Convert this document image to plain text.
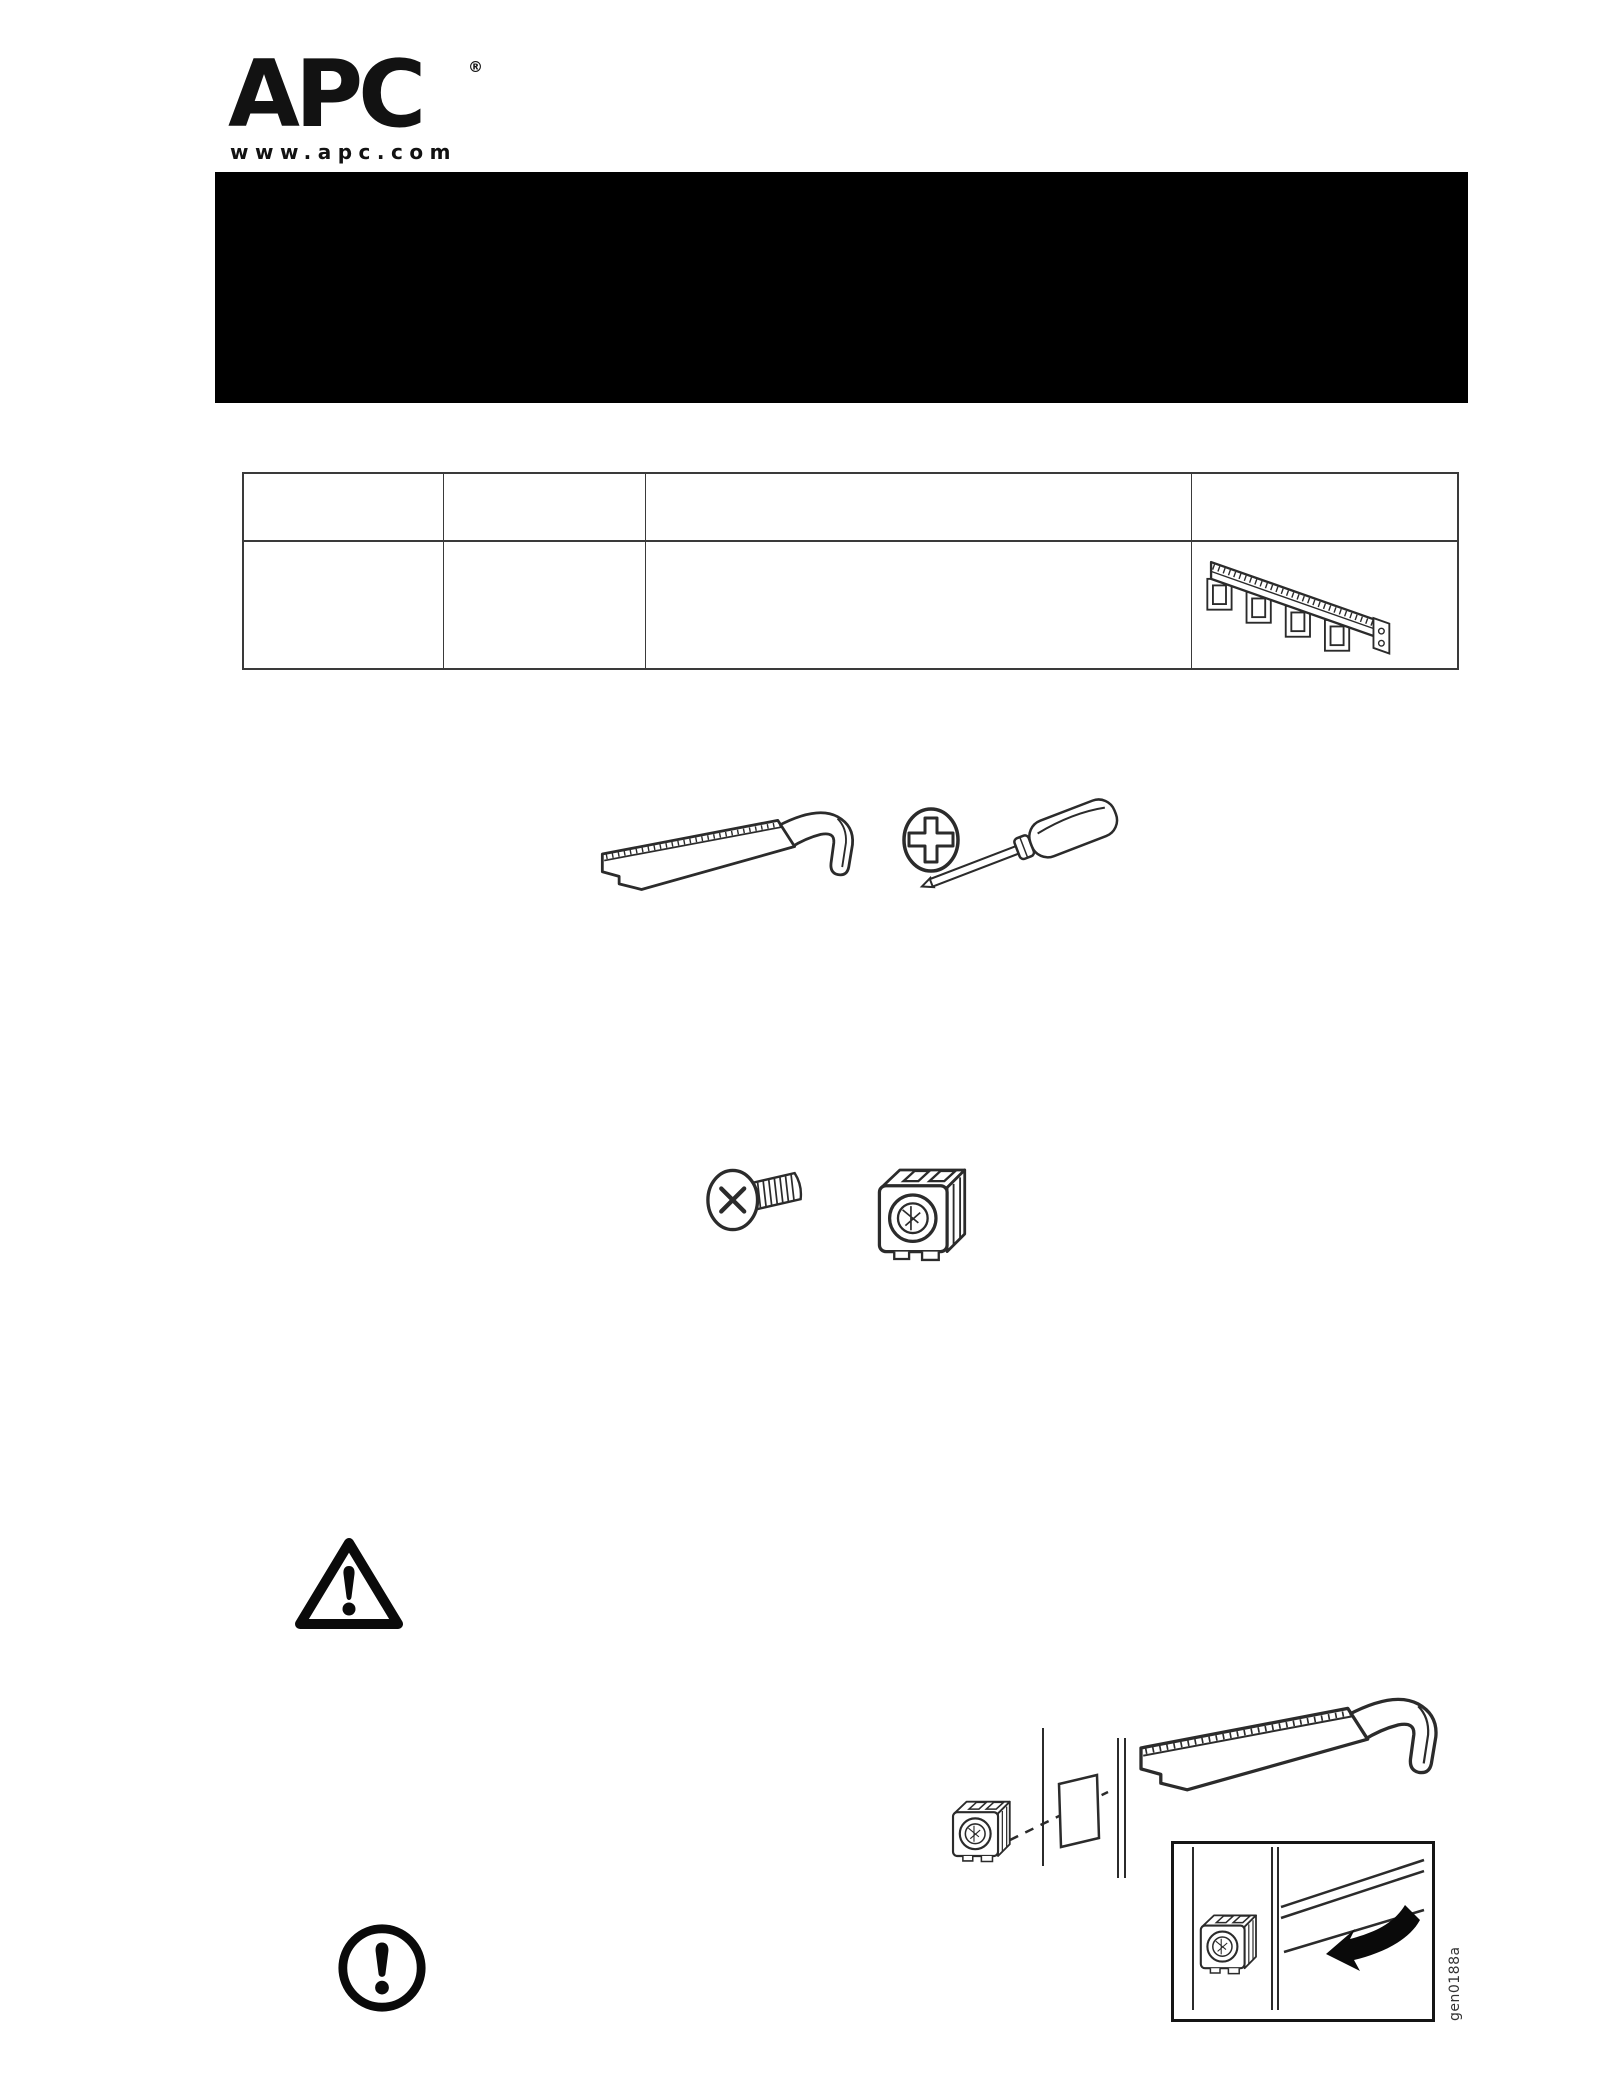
APC	®
www.apc.com

gen0188a
